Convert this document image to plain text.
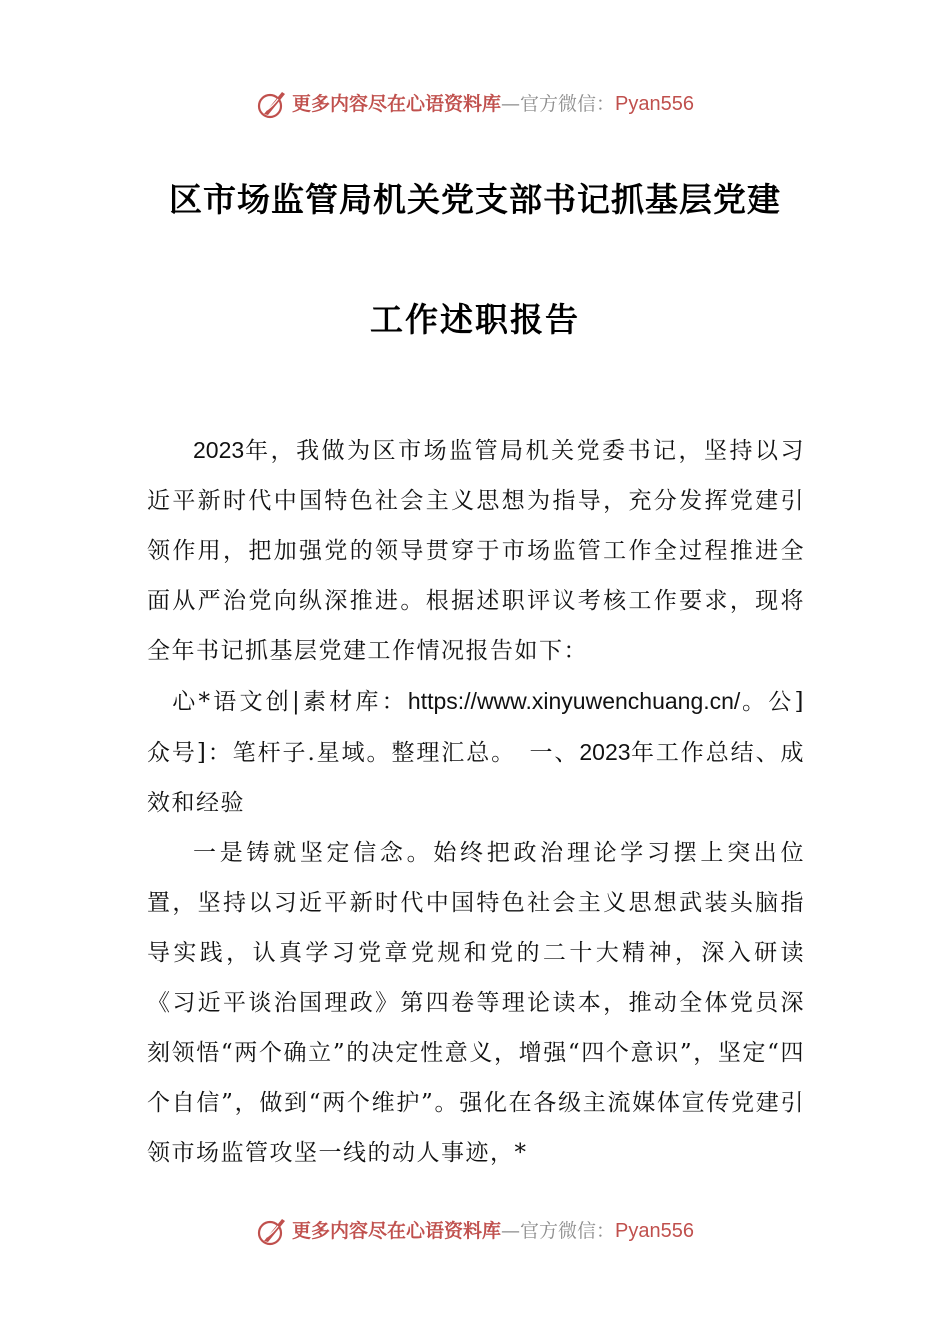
更多内容尽在心语资料库 — 官方微信： Pyan556
区市场监管局机关党支部书记抓基层党建
工作述职报告

2023年，我做为区市场监管局机关党委书记，坚持以习近平新时代中国特色社会主义思想为指导，充分发挥党建引领作用，把加强党的领导贯穿于市场监管工作全过程推进全面从严治党向纵深推进。根据述职评议考核工作要求，现将全年书记抓基层党建工作情况报告如下：

心*语文创|素材库：https://www.xinyuwenchuang.cn/。公]众号]：笔杆子.星域。整理汇总。　一、2023年工作总结、成效和经验

一是铸就坚定信念。始终把政治理论学习摆上突出位置，坚持以习近平新时代中国特色社会主义思想武装头脑指导实践，认真学习党章党规和党的二十大精神，深入研读《习近平谈治国理政》第四卷等理论读本，推动全体党员深刻领悟“两个确立”的决定性意义，增强“四个意识”，坚定“四个自信”，做到“两个维护”。强化在各级主流媒体宣传党建引领市场监管攻坚一线的动人事迹，*

更多内容尽在心语资料库 — 官方微信： Pyan556
